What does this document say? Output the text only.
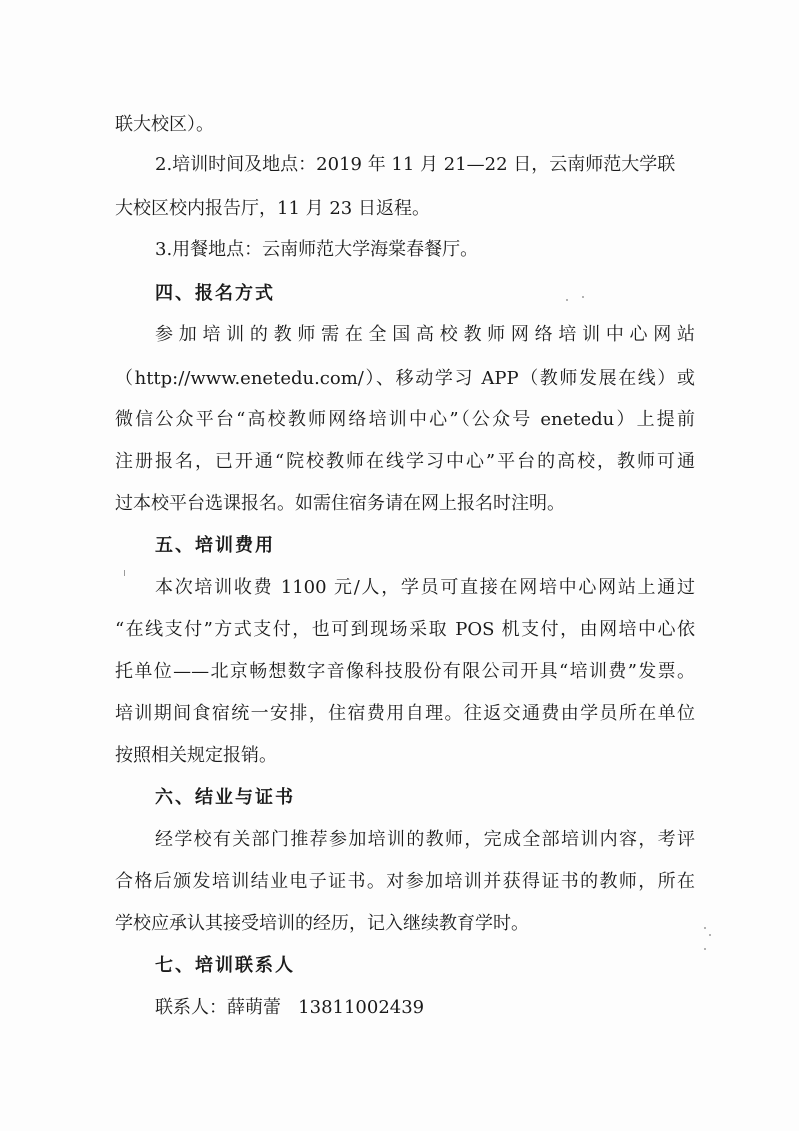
联大校区）。
2.培训时间及地点：2019 年 11 月 21—22 日，云南师范大学联
大校区校内报告厅，11 月 23 日返程。
3.用餐地点：云南师范大学海棠春餐厅。
四、报名方式
参加培训的教师需在全国高校教师网络培训中心网站
（http://www.enetedu.com/）、移动学习 APP（教师发展在线）或
微信公众平台“高校教师网络培训中心”（公众号 enetedu）上提前
注册报名，已开通“院校教师在线学习中心”平台的高校，教师可通
过本校平台选课报名。如需住宿务请在网上报名时注明。
五、培训费用
本次培训收费 1100 元/人，学员可直接在网培中心网站上通过
“在线支付”方式支付，也可到现场采取 POS 机支付，由网培中心依
托单位——北京畅想数字音像科技股份有限公司开具“培训费”发票。
培训期间食宿统一安排，住宿费用自理。往返交通费由学员所在单位
按照相关规定报销。
六、结业与证书
经学校有关部门推荐参加培训的教师，完成全部培训内容，考评
合格后颁发培训结业电子证书。对参加培训并获得证书的教师，所在
学校应承认其接受培训的经历，记入继续教育学时。
七、培训联系人
联系人：薛萌蕾   13811002439
